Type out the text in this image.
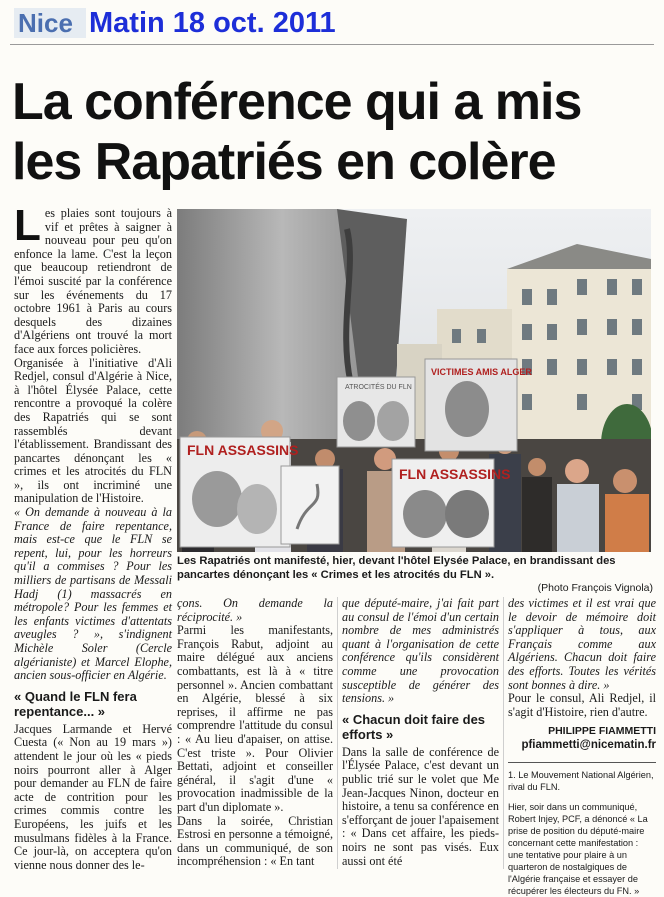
Nice Matin 18 oct. 2011
La conférence qui a mis
les Rapatriés en colère
L es plaies sont toujours à vif et prêtes à saigner à nouveau pour peu qu'on enfonce la lame. C'est la leçon que beaucoup retiendront de l'émoi suscité par la conférence sur les événements du 17 octobre 1961 à Paris au cours desquels des dizaines d'Algériens ont trouvé la mort face aux forces policières.

Organisée à l'initiative d'Ali Redjel, consul d'Algérie à Nice, à l'hôtel Élysée Palace, cette rencontre a provoqué la colère des Rapatriés qui se sont rassemblés devant l'établissement. Brandissant des pancartes dénonçant les « crimes et les atrocités du FLN », ils ont incriminé une manipulation de l'Histoire.

« On demande à nouveau à la France de faire repentance, mais est-ce que le FLN se repent, lui, pour les horreurs qu'il a commises ? Pour les milliers de partisans de Messali Hadj (1) massacrés en métropole? Pour les femmes et les enfants victimes d'attentats aveugles ? », s'indignent Michèle Soler (Cercle algérianiste) et Marcel Elophe, ancien sous-officier en Algérie.

« Quand le FLN fera repentance... »

Jacques Larmande et Hervé Cuesta (« Non au 19 mars ») attendent le jour où les « pieds noirs pourront aller à Alger pour demander au FLN de faire acte de contrition pour les crimes commis contre les Européens, les juifs et les musulmans fidèles à la France. Ce jour-là, on acceptera qu'on vienne nous donner des le-

FLN ASSASSINS
ATROCITÉS DU FLN
VICTIMES AMIS ALGER
FLN ASSASSINS
Les Rapatriés ont manifesté, hier, devant l'hôtel Elysée Palace, en brandissant des pancartes dénonçant les « Crimes et les atrocités du FLN ».
(Photo François Vignola)

çons. On demande la réciprocité. »

Parmi les manifestants, François Rabut, adjoint au maire délégué aux anciens combattants, est là à « titre personnel ». Ancien combattant en Algérie, blessé à six reprises, il affirme ne pas comprendre l'attitude du consul : « Au lieu d'apaiser, on attise. C'est triste ». Pour Olivier Bettati, adjoint et conseiller général, il s'agit d'une « provocation inadmissible de la part d'un diplomate ».

Dans la soirée, Christian Estrosi en personne a témoigné, dans un communiqué, de son incompréhension : « En tant

que député-maire, j'ai fait part au consul de l'émoi d'un certain nombre de mes administrés quant à l'organisation de cette conférence qu'ils considèrent comme une provocation susceptible de générer des tensions. »

« Chacun doit faire des efforts »

Dans la salle de conférence de l'Élysée Palace, c'est devant un public trié sur le volet que Me Jean-Jacques Ninon, docteur en histoire, a tenu sa conférence en s'efforçant de jouer l'apaisement : « Dans cet affaire, les pieds-noirs ne sont pas visés. Eux aussi ont été

des victimes et il est vrai que le devoir de mémoire doit s'appliquer à tous, aux Français comme aux Algériens. Chacun doit faire des efforts. Toutes les vérités sont bonnes à dire. »

Pour le consul, Ali Redjel, il s'agit d'Histoire, rien d'autre.

PHILIPPE FIAMMETTI
pfiammetti@nicematin.fr
1. Le Mouvement National Algérien, rival du FLN.
Hier, soir dans un communiqué, Robert Injey, PCF, a dénoncé « La prise de position du député-maire concernant cette manifestation : une tentative pour plaire à un quarteron de nostalgiques de l'Algérie française et essayer de récupérer les électeurs du FN. »
